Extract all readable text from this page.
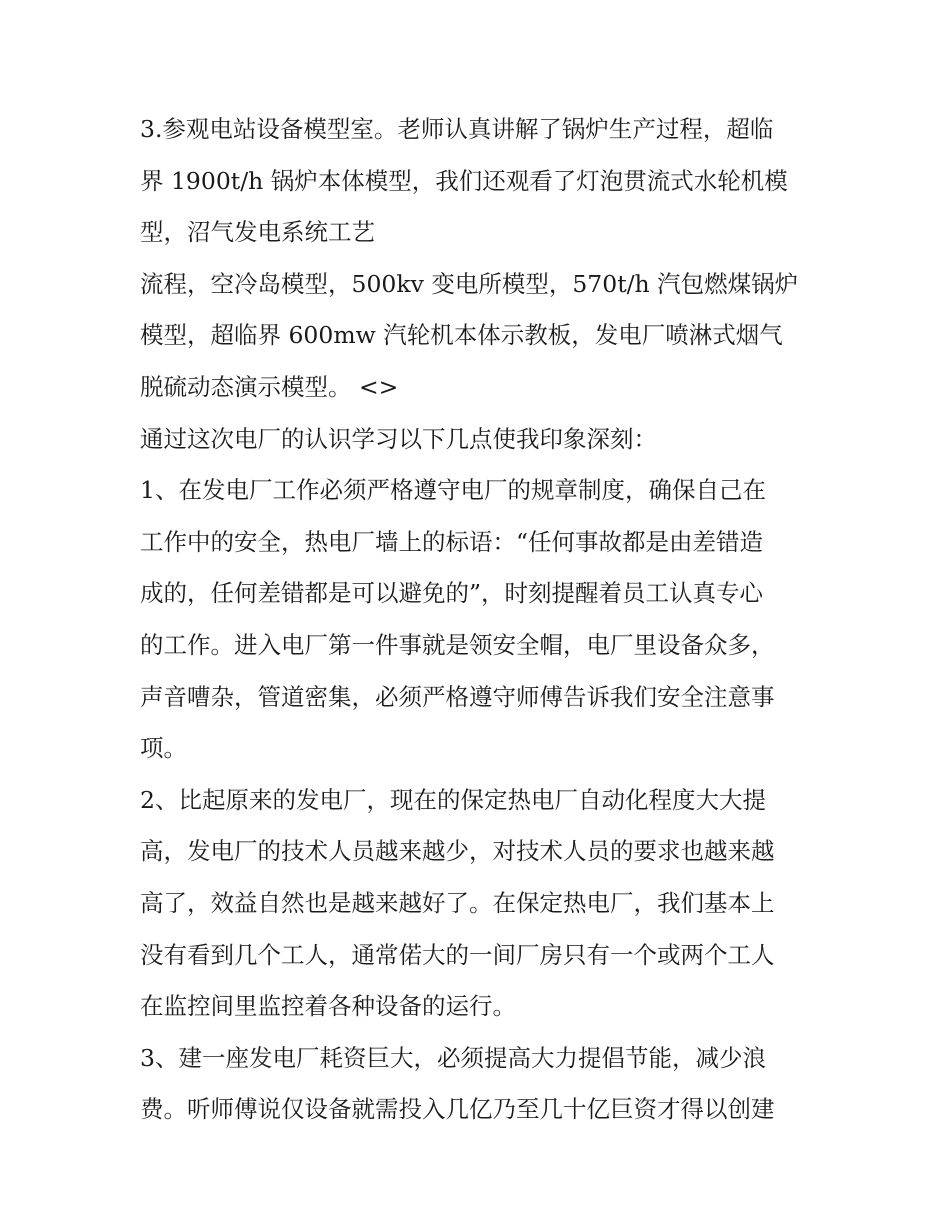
3.参观电站设备模型室。老师认真讲解了锅炉生产过程，超临
界 1900t/h 锅炉本体模型，我们还观看了灯泡贯流式水轮机模
型，沼气发电系统工艺
流程，空冷岛模型，500kv 变电所模型，570t/h 汽包燃煤锅炉
模型，超临界 600mw 汽轮机本体示教板，发电厂喷淋式烟气
脱硫动态演示模型。 <>
通过这次电厂的认识学习以下几点使我印象深刻：
1、在发电厂工作必须严格遵守电厂的规章制度，确保自己在
工作中的安全，热电厂墙上的标语：“任何事故都是由差错造
成的，任何差错都是可以避免的”，时刻提醒着员工认真专心
的工作。进入电厂第一件事就是领安全帽，电厂里设备众多，
声音嘈杂，管道密集，必须严格遵守师傅告诉我们安全注意事
项。
2、比起原来的发电厂，现在的保定热电厂自动化程度大大提
高，发电厂的技术人员越来越少，对技术人员的要求也越来越
高了，效益自然也是越来越好了。在保定热电厂，我们基本上
没有看到几个工人，通常偌大的一间厂房只有一个或两个工人
在监控间里监控着各种设备的运行。
3、建一座发电厂耗资巨大，必须提高大力提倡节能，减少浪
费。听师傅说仅设备就需投入几亿乃至几十亿巨资才得以创建
